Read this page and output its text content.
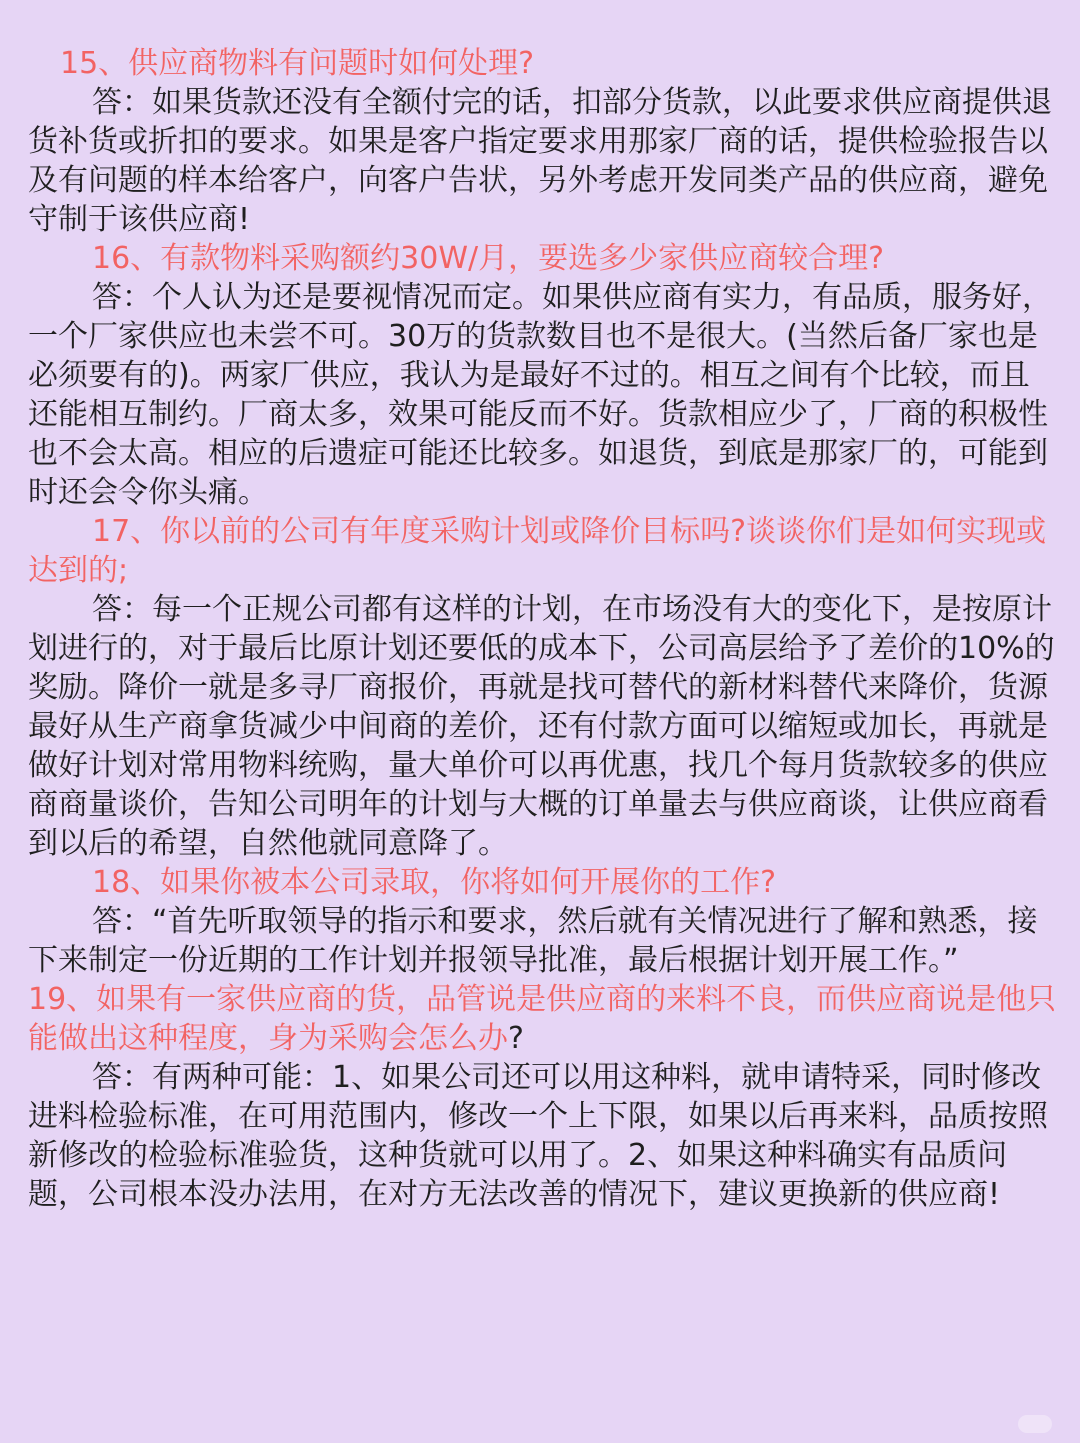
15、供应商物料有问题时如何处理?

答：如果货款还没有全额付完的话，扣部分货款，以此要求供应商提供退货补货或折扣的要求。如果是客户指定要求用那家厂商的话，提供检验报告以及有问题的样本给客户，向客户告状，另外考虑开发同类产品的供应商，避免守制于该供应商!

16、有款物料采购额约30W/月，要选多少家供应商较合理?

答：个人认为还是要视情况而定。如果供应商有实力，有品质，服务好，一个厂家供应也未尝不可。30万的货款数目也不是很大。(当然后备厂家也是必须要有的)。两家厂供应，我认为是最好不过的。相互之间有个比较，而且还能相互制约。厂商太多，效果可能反而不好。货款相应少了，厂商的积极性也不会太高。相应的后遗症可能还比较多。如退货，到底是那家厂的，可能到时还会令你头痛。

17、你以前的公司有年度采购计划或降价目标吗?谈谈你们是如何实现或达到的;

答：每一个正规公司都有这样的计划，在市场没有大的变化下，是按原计划进行的，对于最后比原计划还要低的成本下，公司高层给予了差价的10%的奖励。降价一就是多寻厂商报价，再就是找可替代的新材料替代来降价，货源最好从生产商拿货减少中间商的差价，还有付款方面可以缩短或加长，再就是做好计划对常用物料统购，量大单价可以再优惠，找几个每月货款较多的供应商商量谈价，告知公司明年的计划与大概的订单量去与供应商谈，让供应商看到以后的希望，自然他就同意降了。

18、如果你被本公司录取，你将如何开展你的工作?

答：“首先听取领导的指示和要求，然后就有关情况进行了解和熟悉，接下来制定一份近期的工作计划并报领导批准，最后根据计划开展工作。”

19、如果有一家供应商的货，品管说是供应商的来料不良，而供应商说是他只能做出这种程度，身为采购会怎么办?

答：有两种可能：1、如果公司还可以用这种料，就申请特采，同时修改进料检验标准，在可用范围内，修改一个上下限，如果以后再来料，品质按照新修改的检验标准验货，这种货就可以用了。2、如果这种料确实有品质问题，公司根本没办法用，在对方无法改善的情况下，建议更换新的供应商!
